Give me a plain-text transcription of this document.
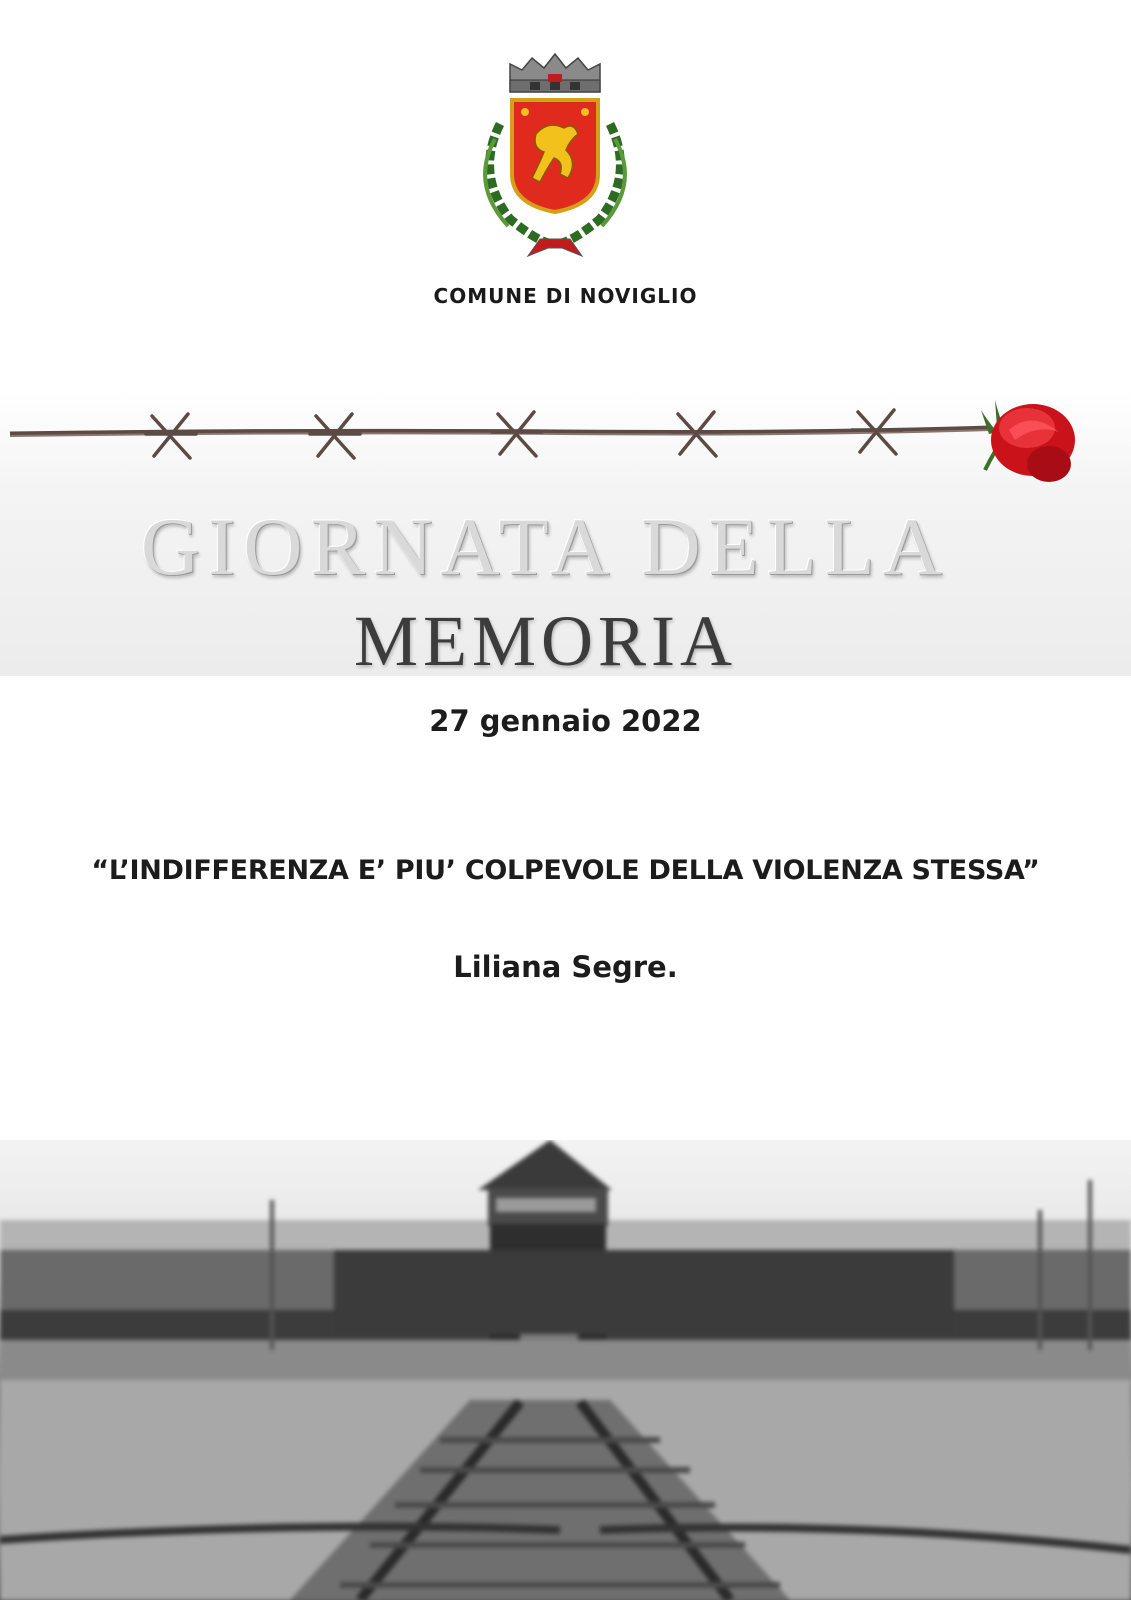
COMUNE DI NOVIGLIO
GIORNATA DELLA
MEMORIA
27 gennaio 2022
“L’INDIFFERENZA E’ PIU’ COLPEVOLE DELLA VIOLENZA STESSA”
Liliana Segre.
